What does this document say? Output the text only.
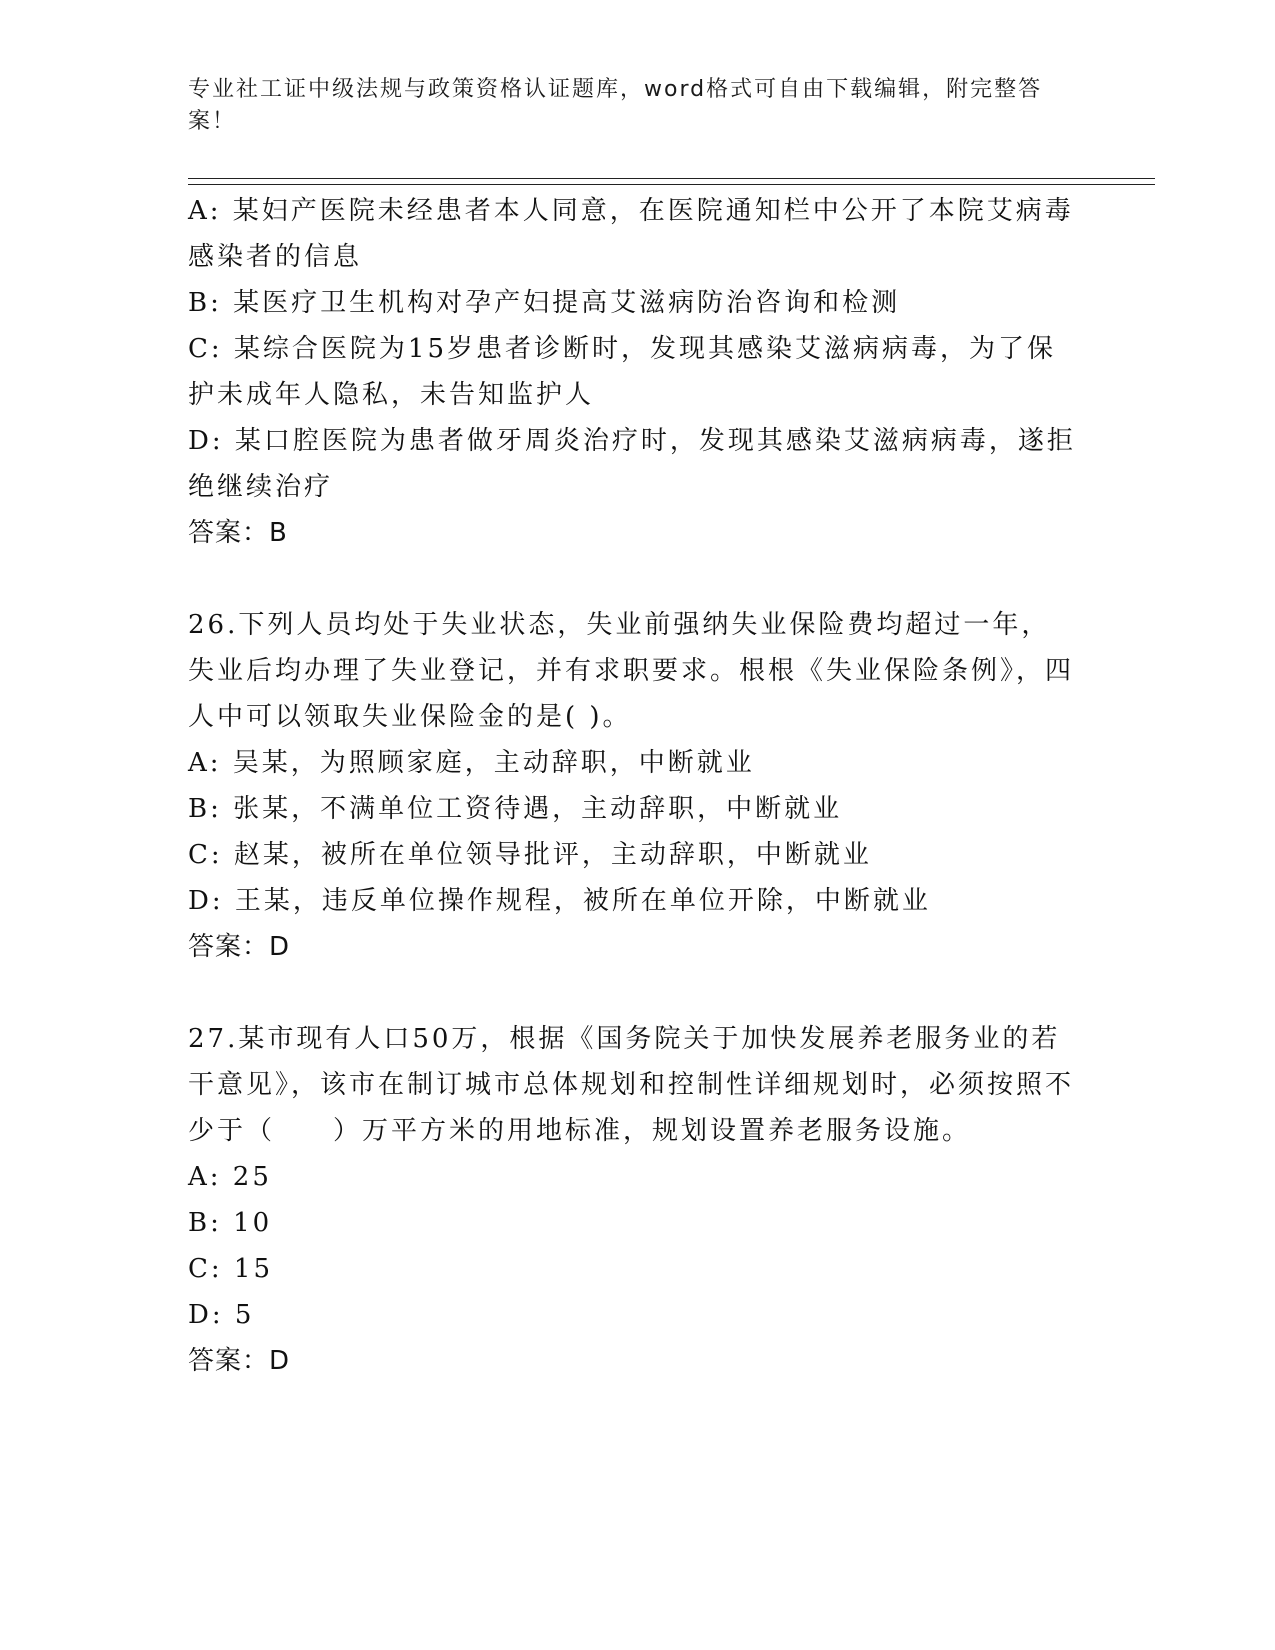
专业社工证中级法规与政策资格认证题库，word格式可自由下载编辑，附完整答案！

A: 某妇产医院未经患者本人同意，在医院通知栏中公开了本院艾病毒感染者的信息

B: 某医疗卫生机构对孕产妇提高艾滋病防治咨询和检测

C: 某综合医院为15岁患者诊断时，发现其感染艾滋病病毒，为了保护未成年人隐私，未告知监护人

D: 某口腔医院为患者做牙周炎治疗时，发现其感染艾滋病病毒，遂拒绝继续治疗

答案：B

26.下列人员均处于失业状态，失业前强纳失业保险费均超过一年，失业后均办理了失业登记，并有求职要求。根根《失业保险条例》，四人中可以领取失业保险金的是( )。

A: 吴某，为照顾家庭，主动辞职，中断就业

B: 张某，不满单位工资待遇，主动辞职，中断就业

C: 赵某，被所在单位领导批评，主动辞职，中断就业

D: 王某，违反单位操作规程，被所在单位开除，中断就业

答案：D

27.某市现有人口50万，根据《国务院关于加快发展养老服务业的若干意见》，该市在制订城市总体规划和控制性详细规划时，必须按照不少于（　　）万平方米的用地标准，规划设置养老服务设施。

A: 25

B: 10

C: 15

D: 5

答案：D
